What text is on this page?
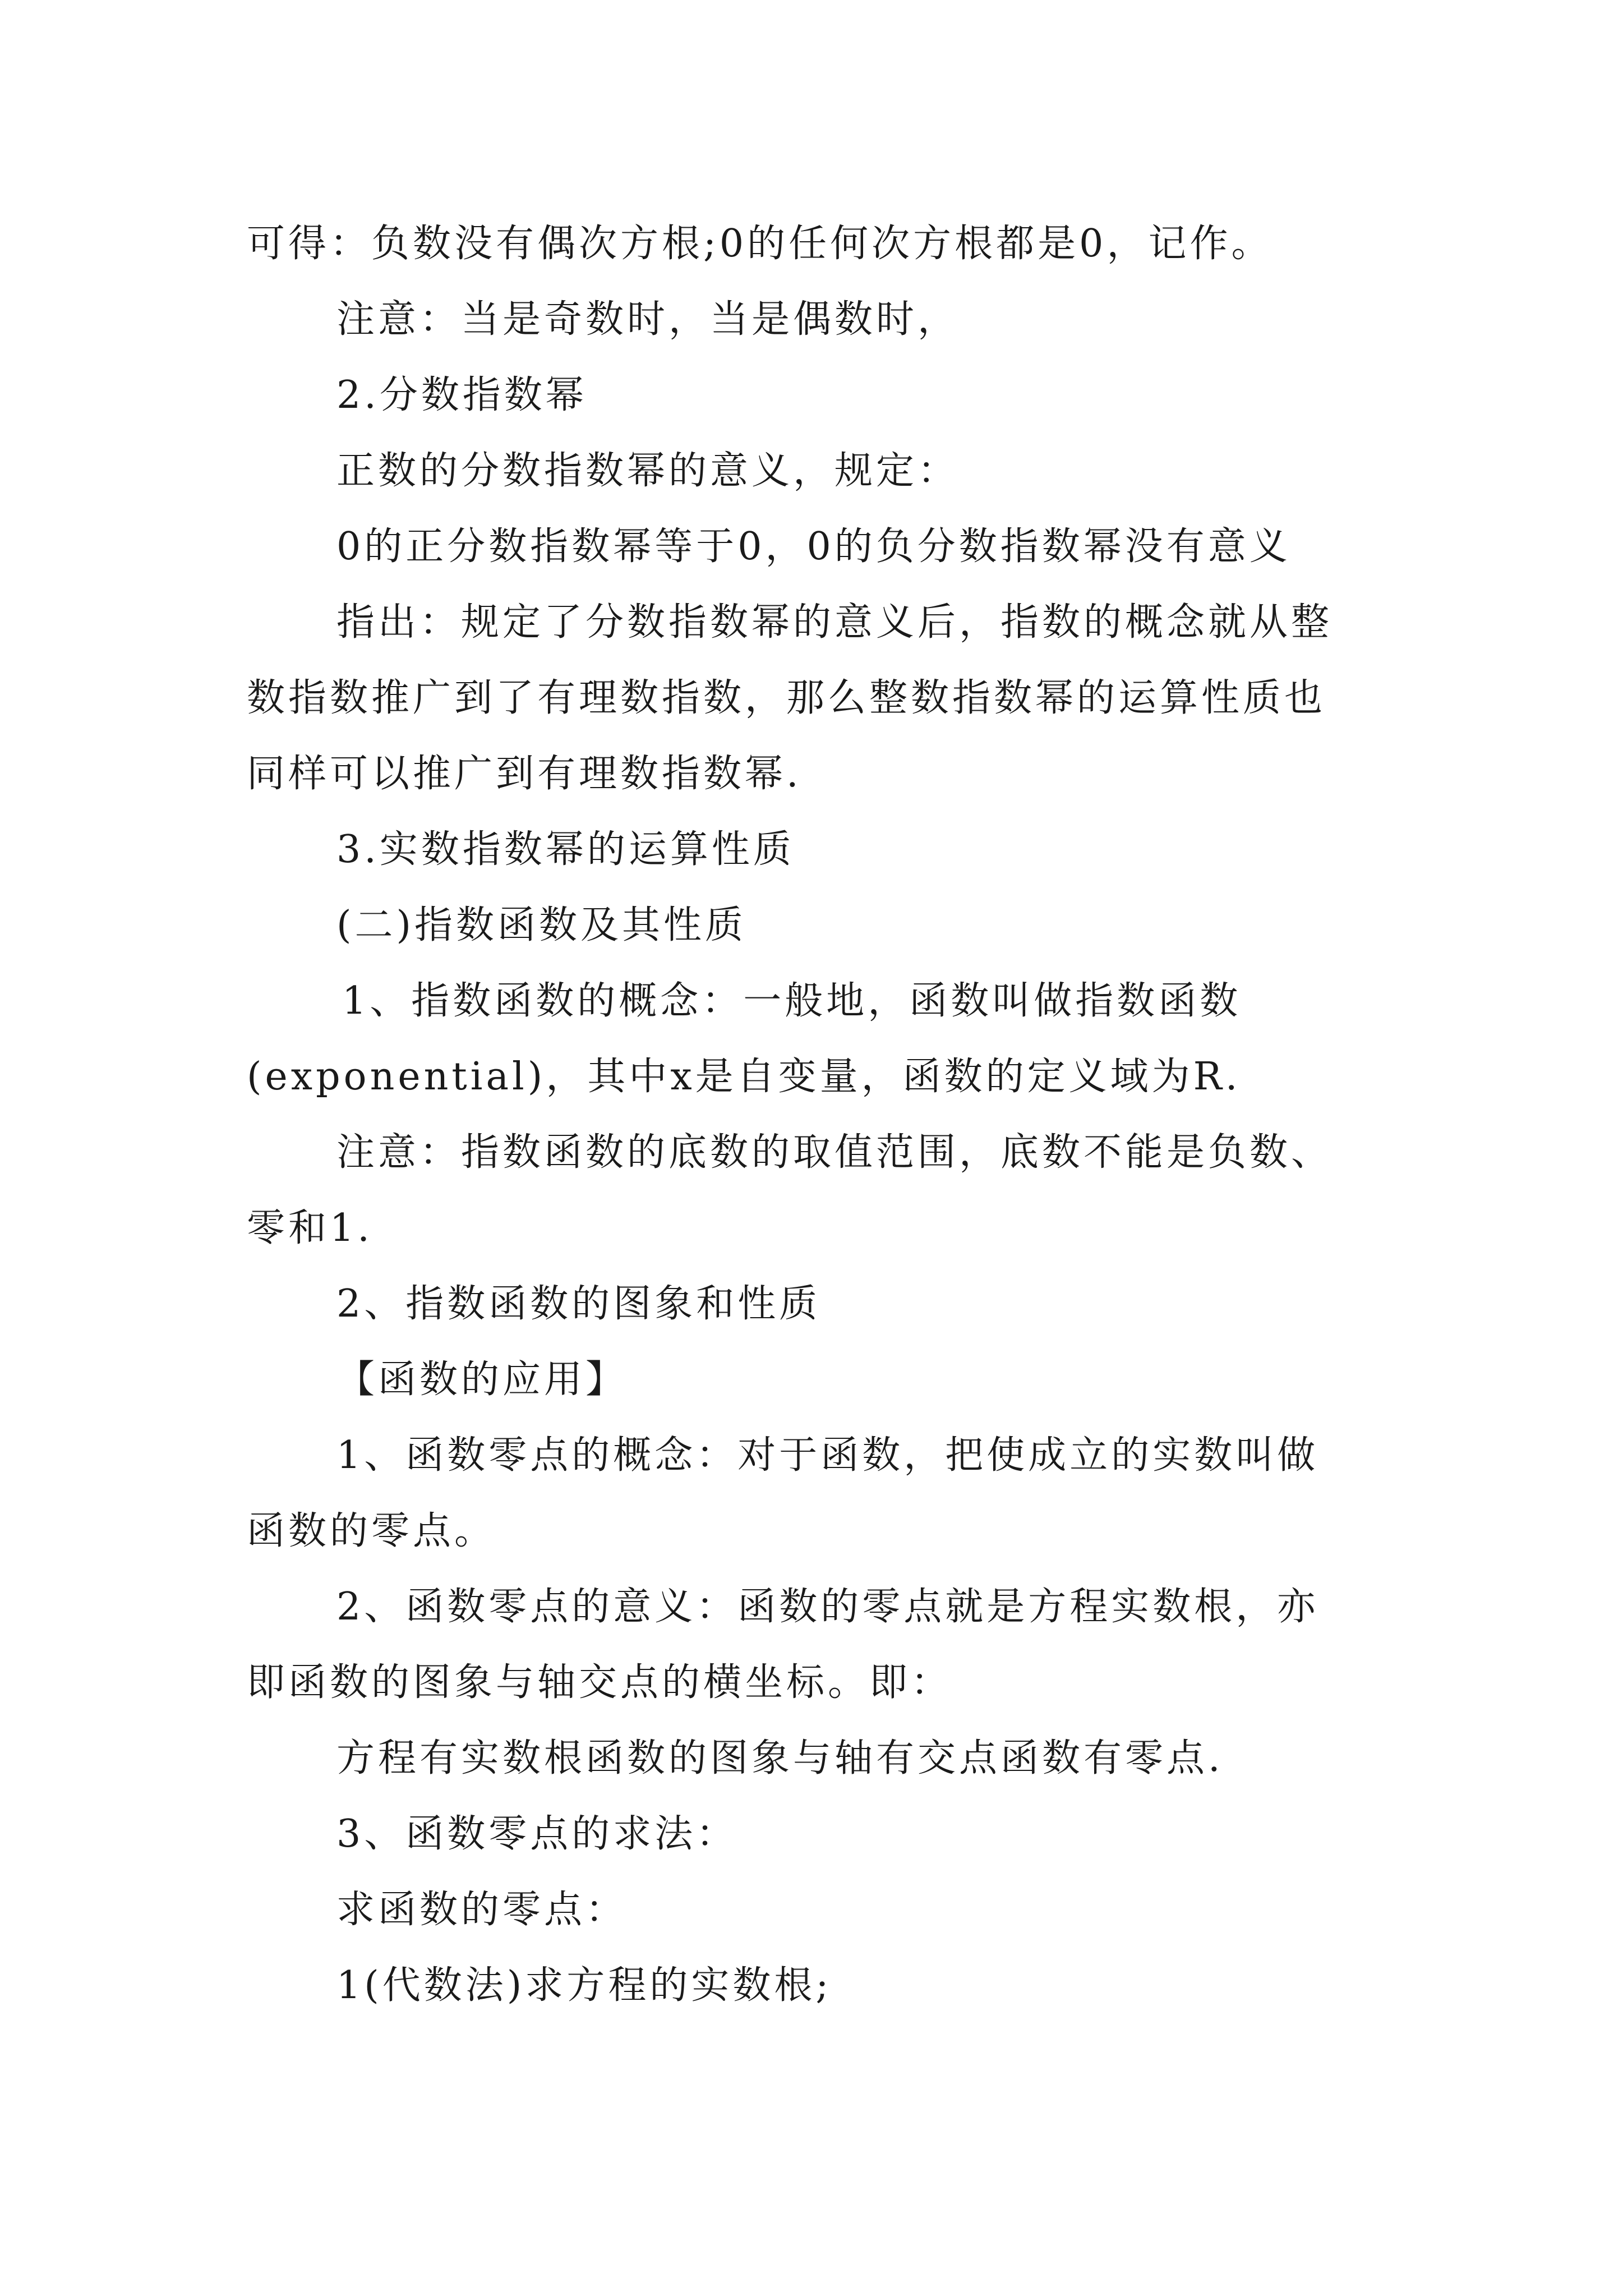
可得：负数没有偶次方根;0的任何次方根都是0，记作。
注意：当是奇数时，当是偶数时，
2.分数指数幂
正数的分数指数幂的意义，规定：
0的正分数指数幂等于0，0的负分数指数幂没有意义
指出：规定了分数指数幂的意义后，指数的概念就从整
数指数推广到了有理数指数，那么整数指数幂的运算性质也
同样可以推广到有理数指数幂.
3.实数指数幂的运算性质
(二)指数函数及其性质
1、指数函数的概念：一般地，函数叫做指数函数
(exponential)，其中x是自变量，函数的定义域为R.
注意：指数函数的底数的取值范围，底数不能是负数、
零和1.
2、指数函数的图象和性质
【函数的应用】
1、函数零点的概念：对于函数，把使成立的实数叫做
函数的零点。
2、函数零点的意义：函数的零点就是方程实数根，亦
即函数的图象与轴交点的横坐标。即：
方程有实数根函数的图象与轴有交点函数有零点.
3、函数零点的求法：
求函数的零点：
1(代数法)求方程的实数根;
